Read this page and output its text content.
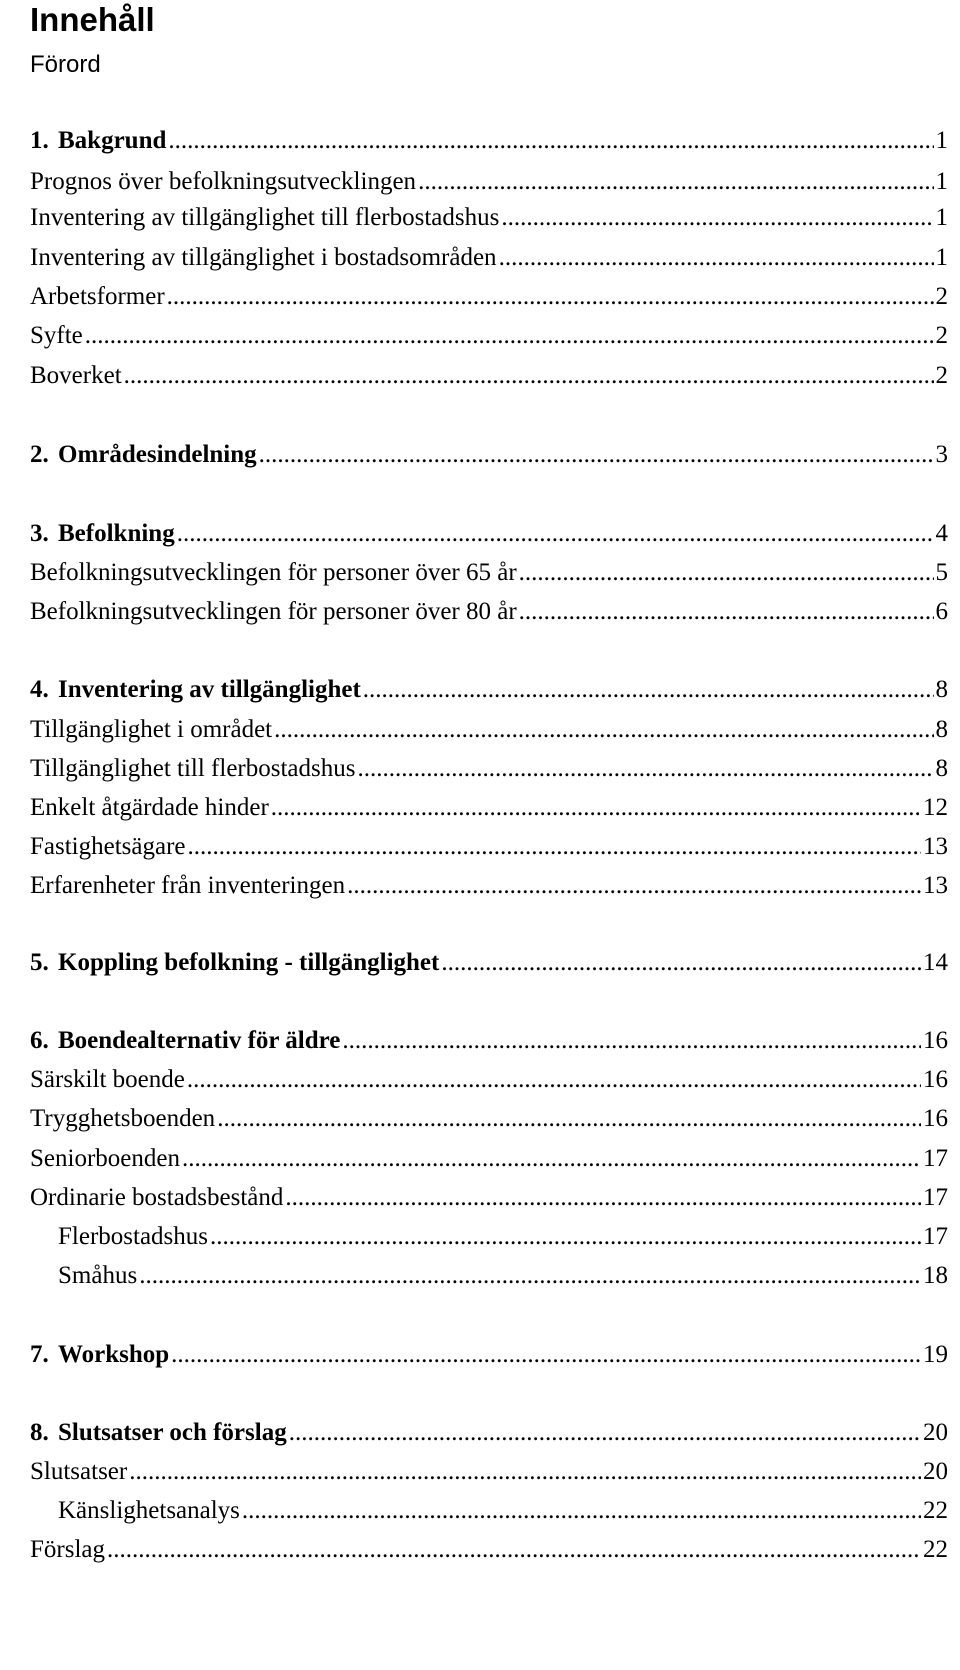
Innehåll

Förord

1. Bakgrund .....	1
Prognos över befolkningsutvecklingen .....	1
Inventering av tillgänglighet till flerbostadshus .....	1
Inventering av tillgänglighet i bostadsområden .....	1
Arbetsformer .....	2
Syfte .....	2
Boverket .....	2
2. Områdesindelning .....	3
3. Befolkning .....	4
Befolkningsutvecklingen för personer över 65 år .....	5
Befolkningsutvecklingen för personer över 80 år .....	6
4. Inventering av tillgänglighet .....	8
Tillgänglighet i området .....	8
Tillgänglighet till flerbostadshus .....	8
Enkelt åtgärdade hinder .....	12
Fastighetsägare .....	13
Erfarenheter från inventeringen .....	13
5. Koppling befolkning - tillgänglighet .....	14
6. Boendealternativ för äldre .....	16
Särskilt boende .....	16
Trygghetsboenden .....	16
Seniorboenden .....	17
Ordinarie bostadsbestånd .....	17
Flerbostadshus .....	17
Småhus .....	18
7. Workshop .....	19
8. Slutsatser och förslag .....	20
Slutsatser .....	20
Känslighetsanalys .....	22
Förslag .....	22
